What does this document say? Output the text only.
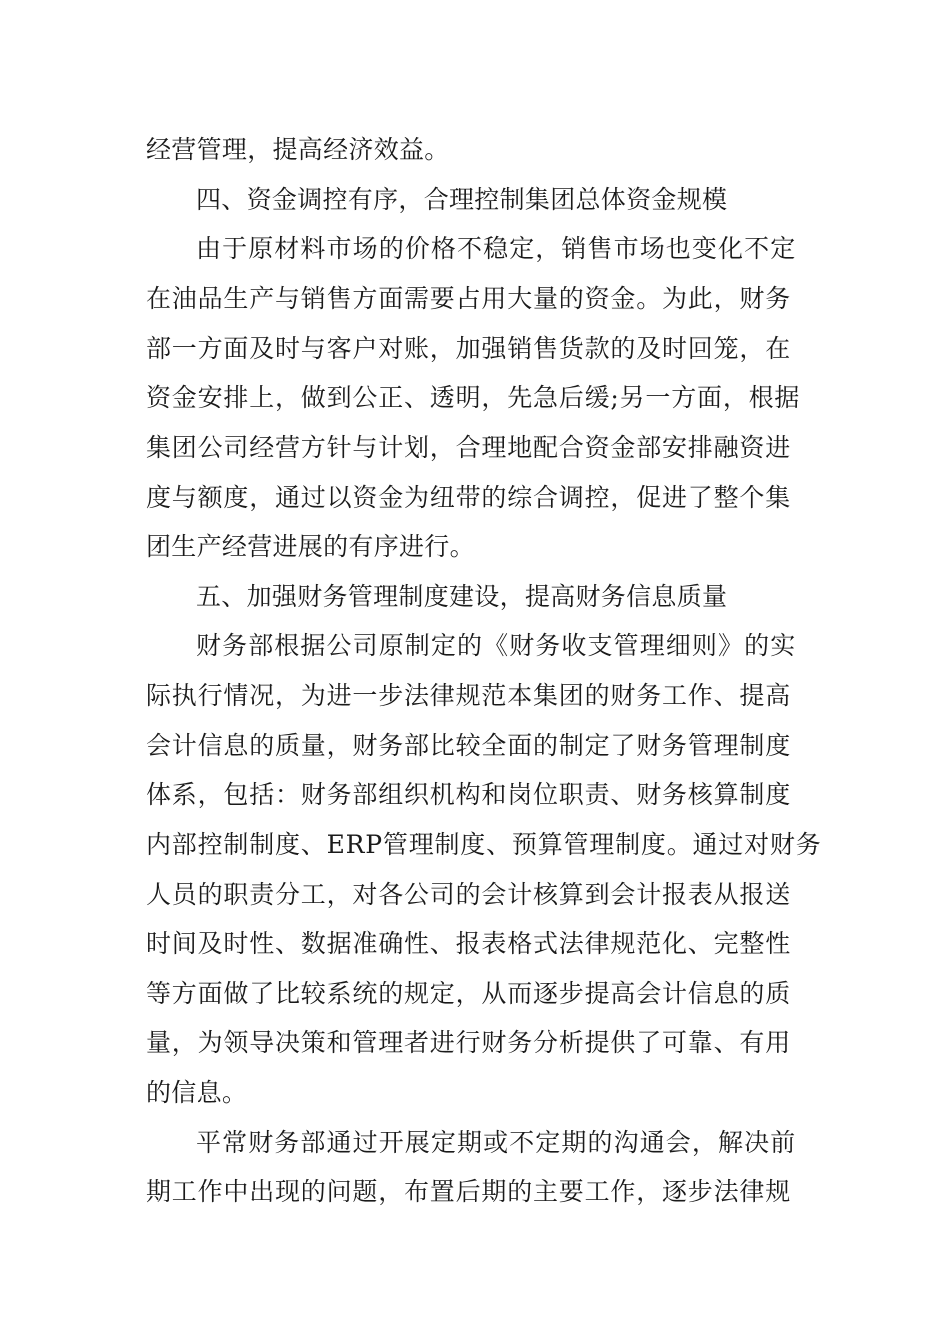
经营管理，提高经济效益。

四、资金调控有序，合理控制集团总体资金规模

由于原材料市场的价格不稳定，销售市场也变化不定

在油品生产与销售方面需要占用大量的资金。为此，财务

部一方面及时与客户对账，加强销售货款的及时回笼，在

资金安排上，做到公正、透明，先急后缓;另一方面，根据

集团公司经营方针与计划，合理地配合资金部安排融资进

度与额度，通过以资金为纽带的综合调控，促进了整个集

团生产经营进展的有序进行。

五、加强财务管理制度建设，提高财务信息质量

财务部根据公司原制定的《财务收支管理细则》的实

际执行情况，为进一步法律规范本集团的财务工作、提高

会计信息的质量，财务部比较全面的制定了财务管理制度

体系，包括：财务部组织机构和岗位职责、财务核算制度

内部控制制度、ERP管理制度、预算管理制度。通过对财务

人员的职责分工，对各公司的会计核算到会计报表从报送

时间及时性、数据准确性、报表格式法律规范化、完整性

等方面做了比较系统的规定，从而逐步提高会计信息的质

量，为领导决策和管理者进行财务分析提供了可靠、有用

的信息。

平常财务部通过开展定期或不定期的沟通会，解决前

期工作中出现的问题，布置后期的主要工作，逐步法律规
